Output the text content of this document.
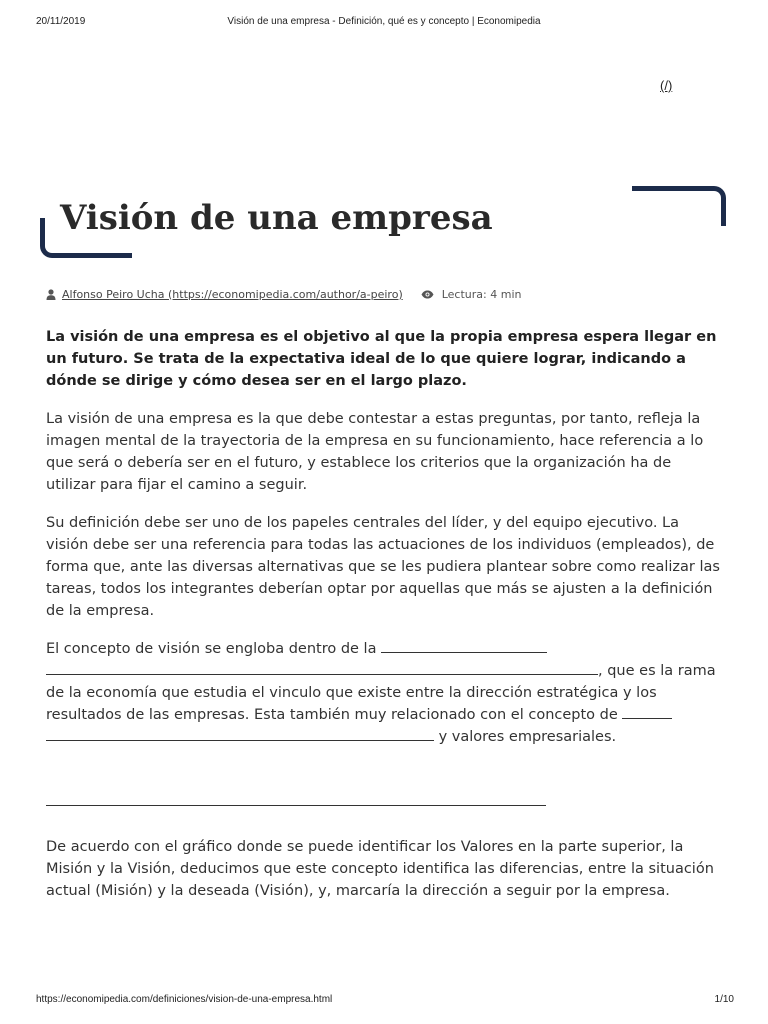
20/11/2019	Visión de una empresa - Definición, qué es y concepto | Economipedia
(/)
Visión de una empresa
Alfonso Peiro Ucha (https://economipedia.com/author/a-peiro)	Lectura: 4 min

La visión de una empresa es el objetivo al que la propia empresa espera llegar en un futuro. Se trata de la expectativa ideal de lo que quiere lograr, indicando a dónde se dirige y cómo desea ser en el largo plazo.

La visión de una empresa es la que debe contestar a estas preguntas, por tanto, refleja la imagen mental de la trayectoria de la empresa en su funcionamiento, hace referencia a lo que será o debería ser en el futuro, y establece los criterios que la organización ha de utilizar para fijar el camino a seguir.

Su definición debe ser uno de los papeles centrales del líder, y del equipo ejecutivo. La visión debe ser una referencia para todas las actuaciones de los individuos (empleados), de forma que, ante las diversas alternativas que se les pudiera plantear sobre como realizar las tareas, todos los integrantes deberían optar por aquellas que más se ajusten a la definición de la empresa.

El concepto de visión se engloba dentro de la  , que es la rama de la economía que estudia el vinculo que existe entre la dirección estratégica y los resultados de las empresas. Esta también muy relacionado con el concepto de   y valores empresariales.

De acuerdo con el gráfico donde se puede identificar los Valores en la parte superior, la Misión y la Visión, deducimos que este concepto identifica las diferencias, entre la situación actual (Misión) y la deseada (Visión), y, marcaría la dirección a seguir por la empresa.

https://economipedia.com/definiciones/vision-de-una-empresa.html	1/10
